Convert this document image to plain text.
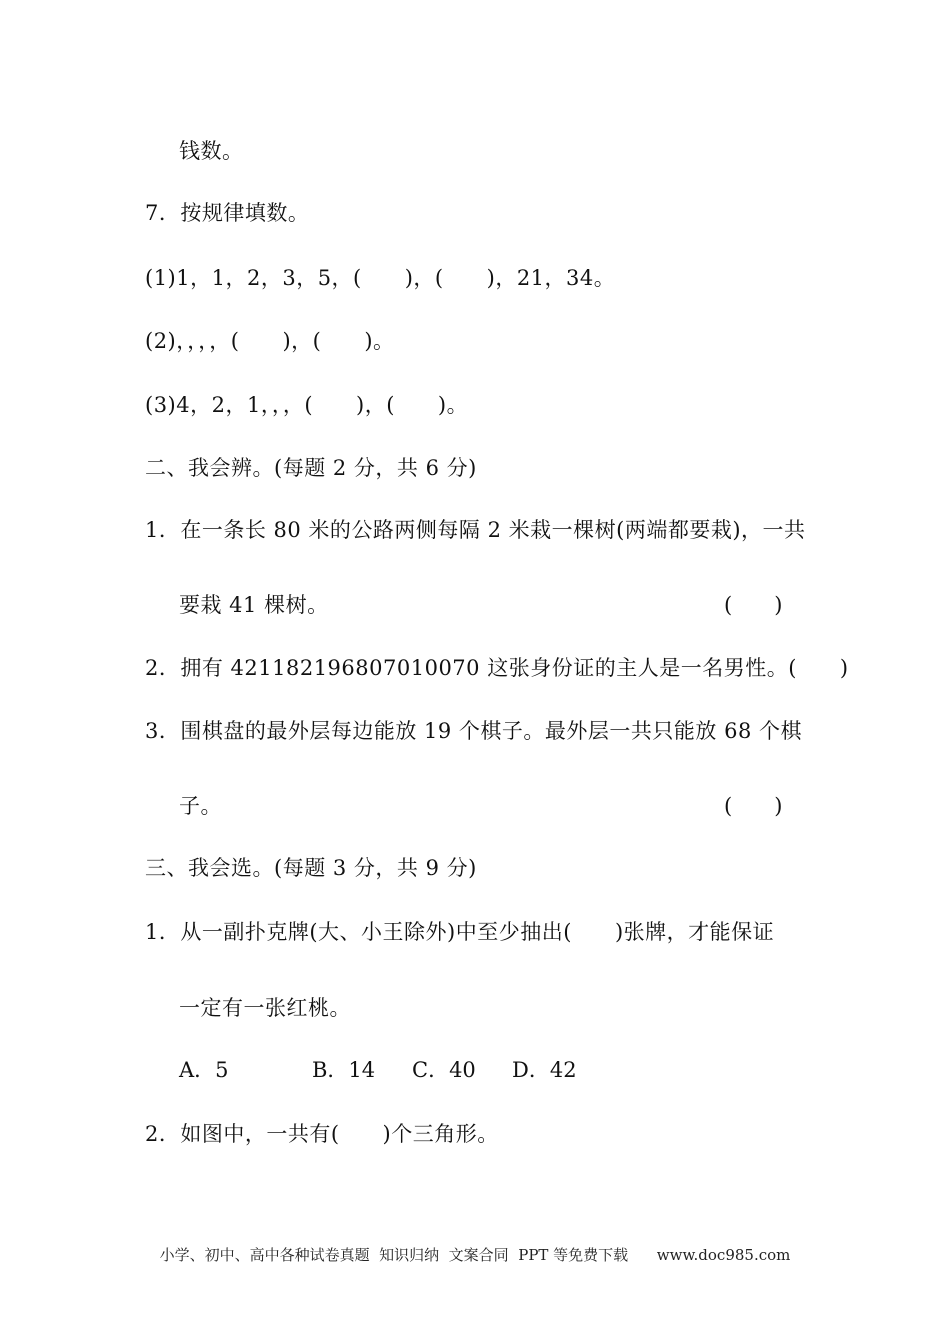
钱数。
7．按规律填数。
(1)1，1，2，3，5，(　　)，(　　)，21，34。
(2)，，，，(　　)，(　　)。
(3)4，2，1，，，(　　)，(　　)。
二、我会辨。(每题 2 分，共 6 分)
1．在一条长 80 米的公路两侧每隔 2 米栽一棵树(两端都要栽)，一共
要栽 41 棵树。	(　　)
2．拥有 421182196807010070 这张身份证的主人是一名男性。(　　)
3．围棋盘的最外层每边能放 19 个棋子。最外层一共只能放 68 个棋
子。	(　　)
三、我会选。(每题 3 分，共 9 分)
1．从一副扑克牌(大、小王除外)中至少抽出(　　)张牌，才能保证
一定有一张红桃。
A．5	B．14 C．40 D．42
2．如图中，一共有(　　)个三角形。
小学、初中、高中各种试卷真题  知识归纳  文案合同  PPT 等免费下载      www.doc985.com
